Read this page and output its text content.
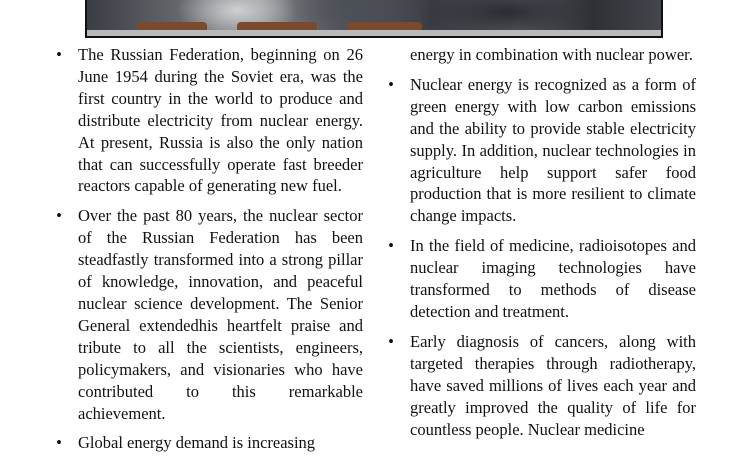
• The Russian Federation, beginning on 26 June 1954 during the Soviet era, was the first country in the world to produce and distribute electricity from nuclear energy. At present, Russia is also the only nation that can successfully operate fast breeder reactors capable of generating new fuel.
• Over the past 80 years, the nuclear sector of the Russian Federation has been steadfastly transformed into a strong pillar of knowledge, innovation, and peaceful nuclear science development. The Senior General extendedhis heartfelt praise and tribute to all the scientists, engineers, policymakers, and visionaries who have contributed to this remarkable achievement.
• Global energy demand is increasing
energy in combination with nuclear power.
• Nuclear energy is recognized as a form of green energy with low carbon emissions and the ability to provide stable electricity supply. In addition, nuclear technologies in agriculture help support safer food production that is more resilient to climate change impacts.
• In the field of medicine, radioisotopes and nuclear imaging technologies have transformed to methods of disease detection and treatment.
• Early diagnosis of cancers, along with targeted therapies through radiotherapy, have saved millions of lives each year and greatly improved the quality of life for countless people. Nuclear medicine
